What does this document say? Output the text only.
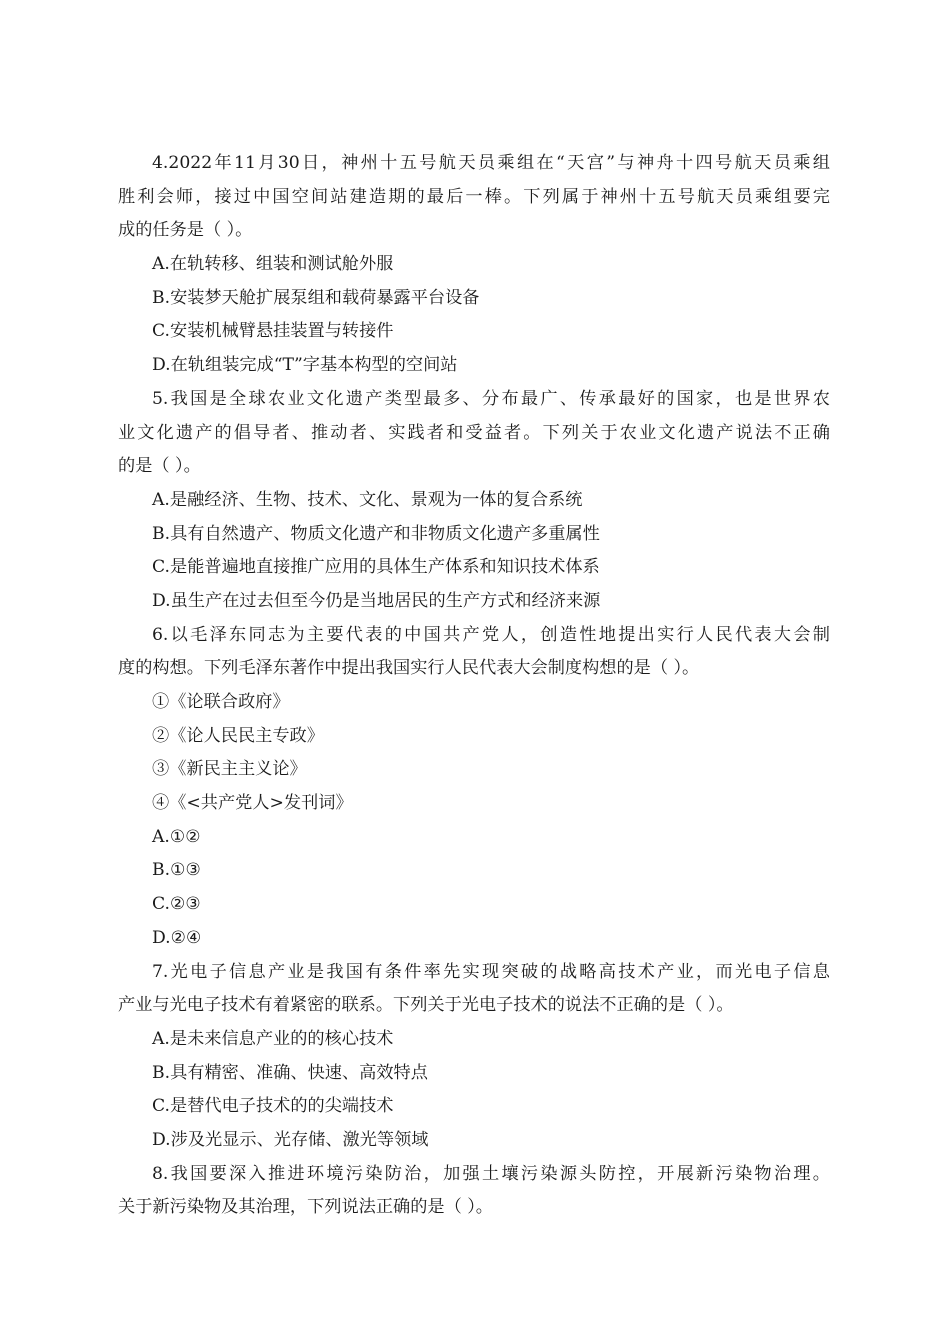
4.2022年11月30日，神州十五号航天员乘组在“天宫”与神舟十四号航天员乘组
胜利会师，接过中国空间站建造期的最后一棒。下列属于神州十五号航天员乘组要完
成的任务是（ ）。
A.在轨转移、组装和测试舱外服
B.安装梦天舱扩展泵组和载荷暴露平台设备
C.安装机械臂悬挂装置与转接件
D.在轨组装完成“T”字基本构型的空间站
5.我国是全球农业文化遗产类型最多、分布最广、传承最好的国家，也是世界农
业文化遗产的倡导者、推动者、实践者和受益者。下列关于农业文化遗产说法不正确
的是（ ）。
A.是融经济、生物、技术、文化、景观为一体的复合系统
B.具有自然遗产、物质文化遗产和非物质文化遗产多重属性
C.是能普遍地直接推广应用的具体生产体系和知识技术体系
D.虽生产在过去但至今仍是当地居民的生产方式和经济来源
6.以毛泽东同志为主要代表的中国共产党人，创造性地提出实行人民代表大会制
度的构想。下列毛泽东著作中提出我国实行人民代表大会制度构想的是（ ）。
①《论联合政府》
②《论人民民主专政》
③《新民主主义论》
④《<共产党人>发刊词》
A.①②
B.①③
C.②③
D.②④
7.光电子信息产业是我国有条件率先实现突破的战略高技术产业，而光电子信息
产业与光电子技术有着紧密的联系。下列关于光电子技术的说法不正确的是（ ）。
A.是未来信息产业的的核心技术
B.具有精密、准确、快速、高效特点
C.是替代电子技术的的尖端技术
D.涉及光显示、光存储、激光等领域
8.我国要深入推进环境污染防治，加强土壤污染源头防控，开展新污染物治理。
关于新污染物及其治理，下列说法正确的是（ ）。
